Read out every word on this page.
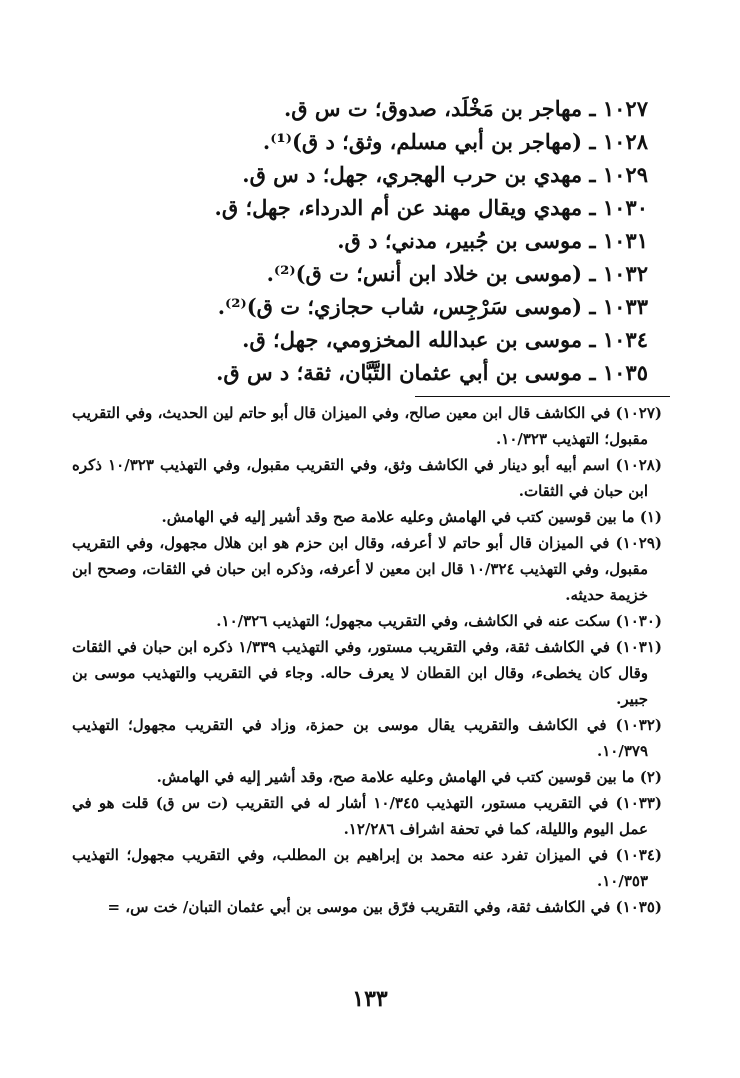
١٠٢٧ ـ مهاجر بن مَخْلَد، صدوق؛ ت س ق.
١٠٢٨ ـ (مهاجر بن أبي مسلم، وثق؛ د ق)⁽¹⁾.
١٠٢٩ ـ مهدي بن حرب الهجري، جهل؛ د س ق.
١٠٣٠ ـ مهدي ويقال مهند عن أم الدرداء، جهل؛ ق.
١٠٣١ ـ موسى بن جُبير، مدني؛ د ق.
١٠٣٢ ـ (موسى بن خلاد ابن أنس؛ ت ق)⁽²⁾.
١٠٣٣ ـ (موسى سَرْجِس، شاب حجازي؛ ت ق)⁽²⁾.
١٠٣٤ ـ موسى بن عبدالله المخزومي، جهل؛ ق.
١٠٣٥ ـ موسى بن أبي عثمان التَّبَّان، ثقة؛ د س ق.

(١٠٢٧) في الكاشف قال ابن معين صالح، وفي الميزان قال أبو حاتم لين الحديث، وفي التقريب مقبول؛ التهذيب ١٠/٣٢٣.

(١٠٢٨) اسم أبيه أبو دينار في الكاشف وثق، وفي التقريب مقبول، وفي التهذيب ١٠/٣٢٣ ذكره ابن حبان في الثقات.

(١) ما بين قوسين كتب في الهامش وعليه علامة صح وقد أشير إليه في الهامش.

(١٠٢٩) في الميزان قال أبو حاتم لا أعرفه، وقال ابن حزم هو ابن هلال مجهول، وفي التقريب مقبول، وفي التهذيب ١٠/٣٢٤ قال ابن معين لا أعرفه، وذكره ابن حبان في الثقات، وصحح ابن خزيمة حديثه.

(١٠٣٠) سكت عنه في الكاشف، وفي التقريب مجهول؛ التهذيب ١٠/٣٢٦.

(١٠٣١) في الكاشف ثقة، وفي التقريب مستور، وفي التهذيب ١/٣٣٩ ذكره ابن حبان في الثقات وقال كان يخطىء، وقال ابن القطان لا يعرف حاله. وجاء في التقريب والتهذيب موسى بن جبير.

(١٠٣٢) في الكاشف والتقريب يقال موسى بن حمزة، وزاد في التقريب مجهول؛ التهذيب ١٠/٣٧٩.

(٢) ما بين قوسين كتب في الهامش وعليه علامة صح، وقد أشير إليه في الهامش.

(١٠٣٣) في التقريب مستور، التهذيب ١٠/٣٤٥ أشار له في التقريب (ت س ق) قلت هو في عمل اليوم والليلة، كما في تحفة اشراف ١٢/٢٨٦.

(١٠٣٤) في الميزان تفرد عنه محمد بن إبراهيم بن المطلب، وفي التقريب مجهول؛ التهذيب ١٠/٣٥٣.

(١٠٣٥) في الكاشف ثقة، وفي التقريب فرّق بين موسى بن أبي عثمان التبان/ خت س، =

١٣٣
